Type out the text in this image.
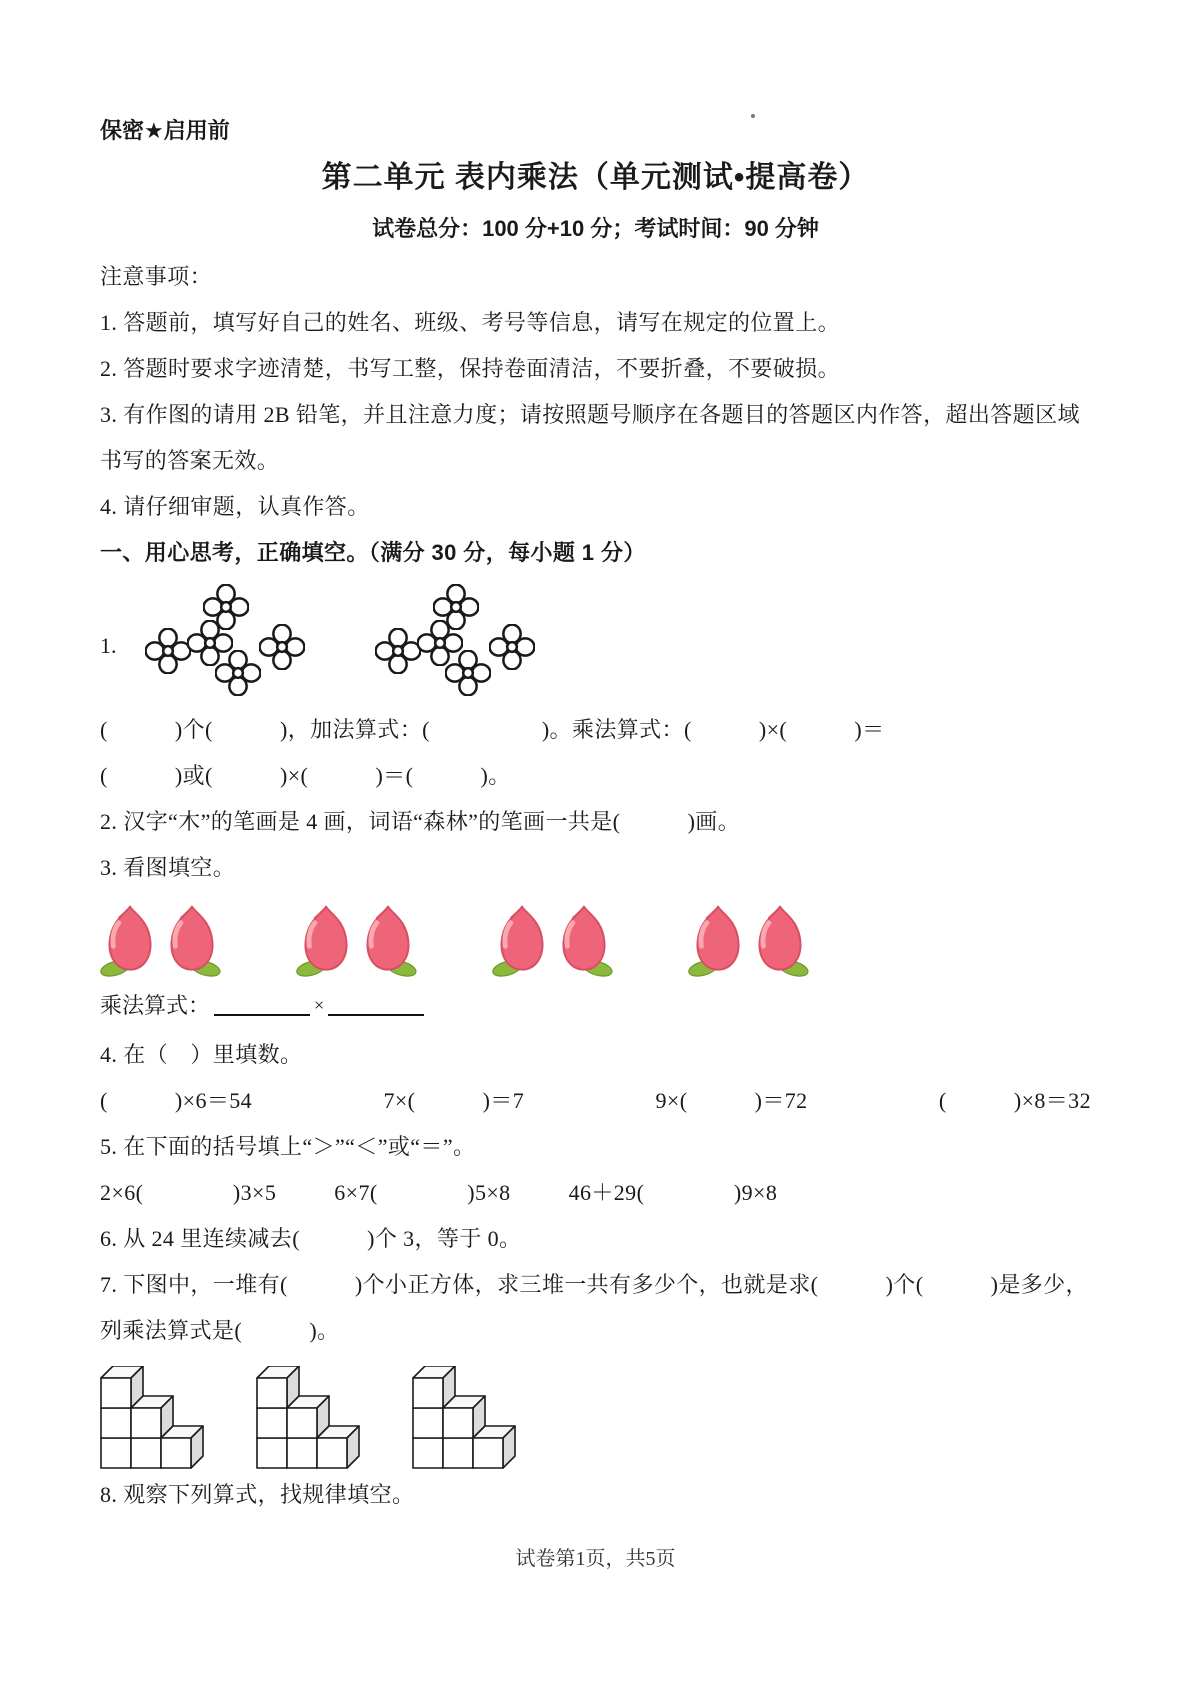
保密★启用前
第二单元 表内乘法（单元测试•提高卷）
试卷总分：100 分+10 分；考试时间：90 分钟

注意事项：

1. 答题前，填写好自己的姓名、班级、考号等信息，请写在规定的位置上。

2. 答题时要求字迹清楚，书写工整，保持卷面清洁，不要折叠，不要破损。

3. 有作图的请用 2B 铅笔，并且注意力度；请按照题号顺序在各题目的答题区内作答，超出答题区域书写的答案无效。

4. 请仔细审题，认真作答。

一、用心思考，正确填空。（满分 30 分，每小题 1 分）

1.

(　　　)个(　　　)，加法算式：(　　　　　)。乘法算式：(　　　)×(　　　)＝

(　　　)或(　　　)×(　　　)＝(　　　)。

2. 汉字“木”的笔画是 4 画，词语“森林”的笔画一共是(　　　)画。

3. 看图填空。

乘法算式：	×

4. 在（　）里填数。

(　　　)×6＝54	7×(　　　)＝7	9×(　　　)＝72	(　　　)×8＝32

5. 在下面的括号填上“＞”“＜”或“＝”。

2×6(　　　　)3×5	6×7(　　　　)5×8	46＋29(　　　　)9×8

6. 从 24 里连续减去(　　　)个 3，等于 0。

7. 下图中，一堆有(　　　)个小正方体，求三堆一共有多少个，也就是求(　　　)个(　　　)是多少，列乘法算式是(　　　)。

8. 观察下列算式，找规律填空。

试卷第1页，共5页
